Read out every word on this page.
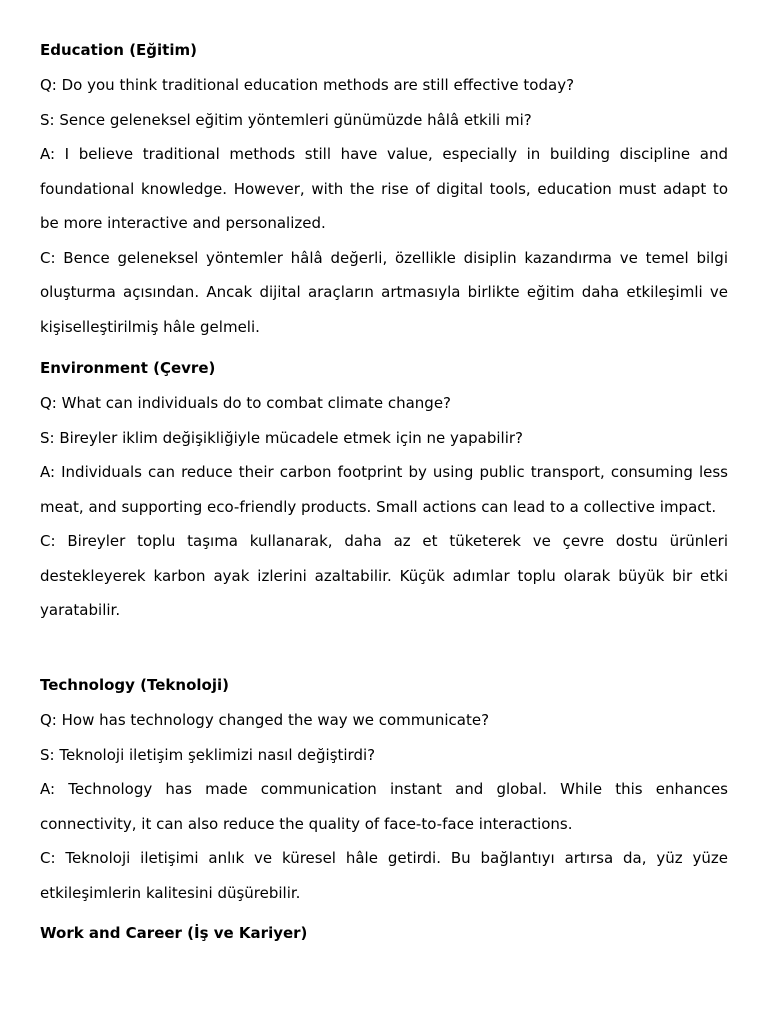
Education (Eğitim)
Q: Do you think traditional education methods are still effective today?
S: Sence geleneksel eğitim yöntemleri günümüzde hâlâ etkili mi?
A: I believe traditional methods still have value, especially in building discipline and foundational knowledge. However, with the rise of digital tools, education must adapt to be more interactive and personalized.
C: Bence geleneksel yöntemler hâlâ değerli, özellikle disiplin kazandırma ve temel bilgi oluşturma açısından. Ancak dijital araçların artmasıyla birlikte eğitim daha etkileşimli ve kişiselleştirilmiş hâle gelmeli.
Environment (Çevre)
Q: What can individuals do to combat climate change?
S: Bireyler iklim değişikliğiyle mücadele etmek için ne yapabilir?
A: Individuals can reduce their carbon footprint by using public transport, consuming less meat, and supporting eco-friendly products. Small actions can lead to a collective impact.
C: Bireyler toplu taşıma kullanarak, daha az et tüketerek ve çevre dostu ürünleri destekleyerek karbon ayak izlerini azaltabilir. Küçük adımlar toplu olarak büyük bir etki yaratabilir.
Technology (Teknoloji)
Q: How has technology changed the way we communicate?
S: Teknoloji iletişim şeklimizi nasıl değiştirdi?
A: Technology has made communication instant and global. While this enhances connectivity, it can also reduce the quality of face-to-face interactions.
C: Teknoloji iletişimi anlık ve küresel hâle getirdi. Bu bağlantıyı artırsa da, yüz yüze etkileşimlerin kalitesini düşürebilir.
Work and Career (İş ve Kariyer)
